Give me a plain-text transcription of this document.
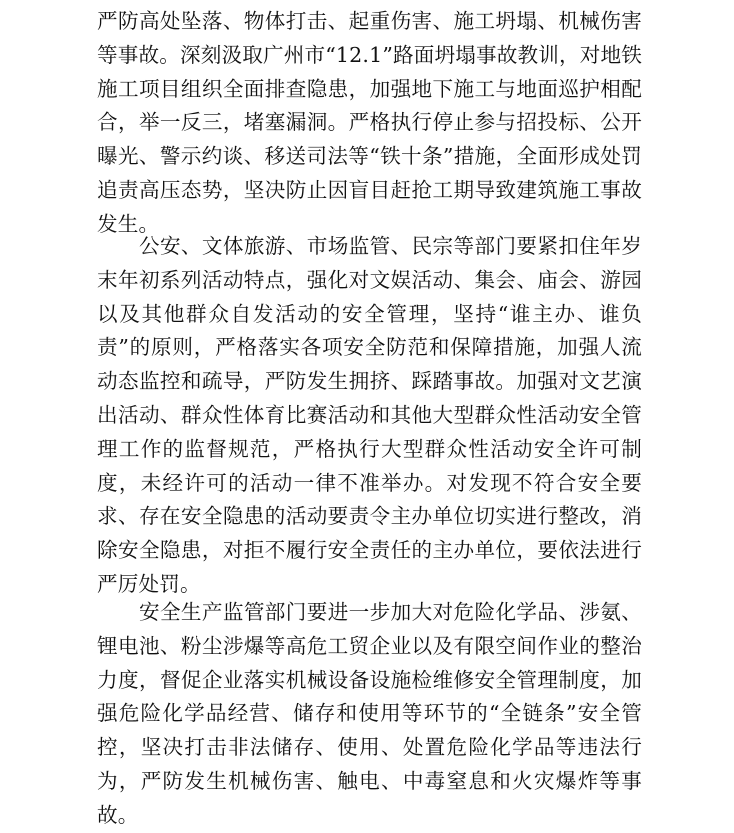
严防高处坠落、物体打击、起重伤害、施工坍塌、机械伤害等事故。深刻汲取广州市“12.1”路面坍塌事故教训，对地铁施工项目组织全面排查隐患，加强地下施工与地面巡护相配合，举一反三，堵塞漏洞。严格执行停止参与招投标、公开曝光、警示约谈、移送司法等“铁十条”措施，全面形成处罚追责高压态势，坚决防止因盲目赶抢工期导致建筑施工事故发生。

公安、文体旅游、市场监管、民宗等部门要紧扣住年岁末年初系列活动特点，强化对文娱活动、集会、庙会、游园以及其他群众自发活动的安全管理，坚持“谁主办、谁负责”的原则，严格落实各项安全防范和保障措施，加强人流动态监控和疏导，严防发生拥挤、踩踏事故。加强对文艺演出活动、群众性体育比赛活动和其他大型群众性活动安全管理工作的监督规范，严格执行大型群众性活动安全许可制度，未经许可的活动一律不准举办。对发现不符合安全要求、存在安全隐患的活动要责令主办单位切实进行整改，消除安全隐患，对拒不履行安全责任的主办单位，要依法进行严厉处罚。

安全生产监管部门要进一步加大对危险化学品、涉氨、锂电池、粉尘涉爆等高危工贸企业以及有限空间作业的整治力度，督促企业落实机械设备设施检维修安全管理制度，加强危险化学品经营、储存和使用等环节的“全链条”安全管控，坚决打击非法储存、使用、处置危险化学品等违法行为，严防发生机械伤害、触电、中毒窒息和火灾爆炸等事故。
